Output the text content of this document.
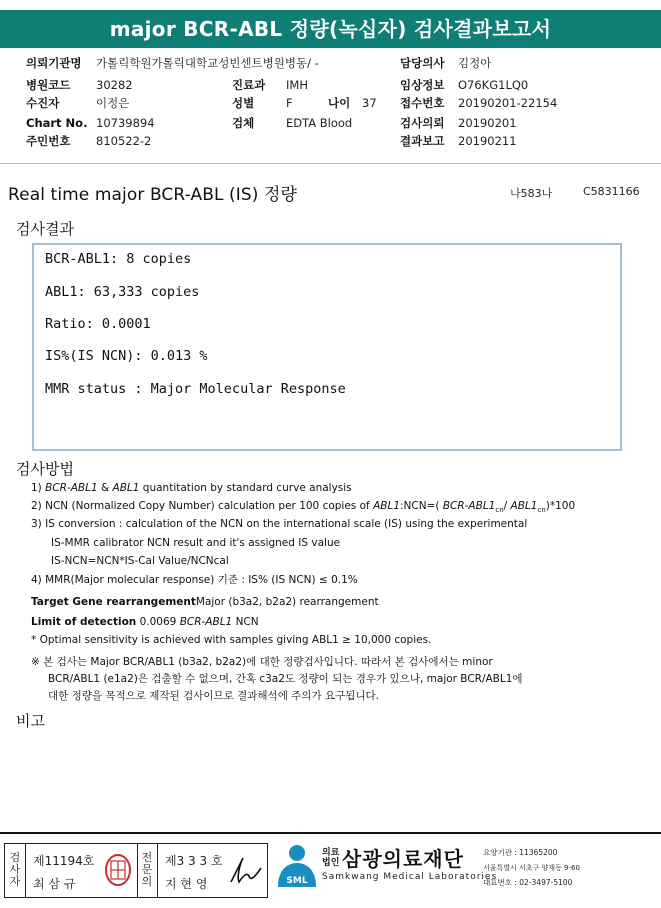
major BCR-ABL 정량(녹십자) 검사결과보고서
의뢰기관명 가톨릭학원가톨릭대학교성빈센트병원병동/ -
병원코드 30282	진료과 IMH
수진자	이정은	성별	F	나이 37
Chart No. 10739894	검체	EDTA Blood
주민번호 810522-2
담당의사 김정아
임상정보 O76KG1LQ0
접수번호 20190201-22154
검사의뢰 20190201
결과보고 20190211
Real time major BCR-ABL (IS) 정량	나583나	C5831166
검사결과
BCR-ABL1: 8 copies
ABL1: 63,333 copies
Ratio: 0.0001
IS%(IS NCN): 0.013 %
MMR status : Major Molecular Response
검사방법
1) BCR-ABL1 & ABL1 quantitation by standard curve analysis
2) NCN (Normalized Copy Number) calculation per 100 copies of ABL1:NCN=( BCR-$ABL1_{cn}/$ $ABL1_{cn})*100$
3) IS conversion : calculation of the NCN on the international scale (IS) using the experimental
IS-MMR calibrator NCN result and it's assigned IS value
IS-NCN=NCN*IS-Cal Value/NCNcal
4) MMR(Major molecular response) 기준 : IS% (IS NCN) ≤ 0.1%
Target Gene rearrangementMajor (b3a2, b2a2) rearrangement
Limit of detection 0.0069 BCR-ABL1 NCN
* Optimal sensitivity is achieved with samples giving ABL1 ≥ 10,000 copies.
※ 본 검사는 Major BCR/ABL1 (b3a2, b2a2)에 대한 정량검사입니다. 따라서 본 검사에서는 minor
BCR/ABL1 (e1a2)은 검출할 수 없으며, 간혹 c3a2도 정량이 되는 경우가 있으나, major BCR/ABL1에
대한 정량을 목적으로 제작된 검사이므로 결과해석에 주의가 요구됩니다.
비고
검사자
제11194호
최 삼 규
전문의
제3 3 3 호
지 현 영	SML
의료법인 삼광의료재단
Samkwang Medical Laboratories
요양기관 : 11365200
서울특별시 서초구 양재동 9-60
대표번호 : 02-3497-5100
